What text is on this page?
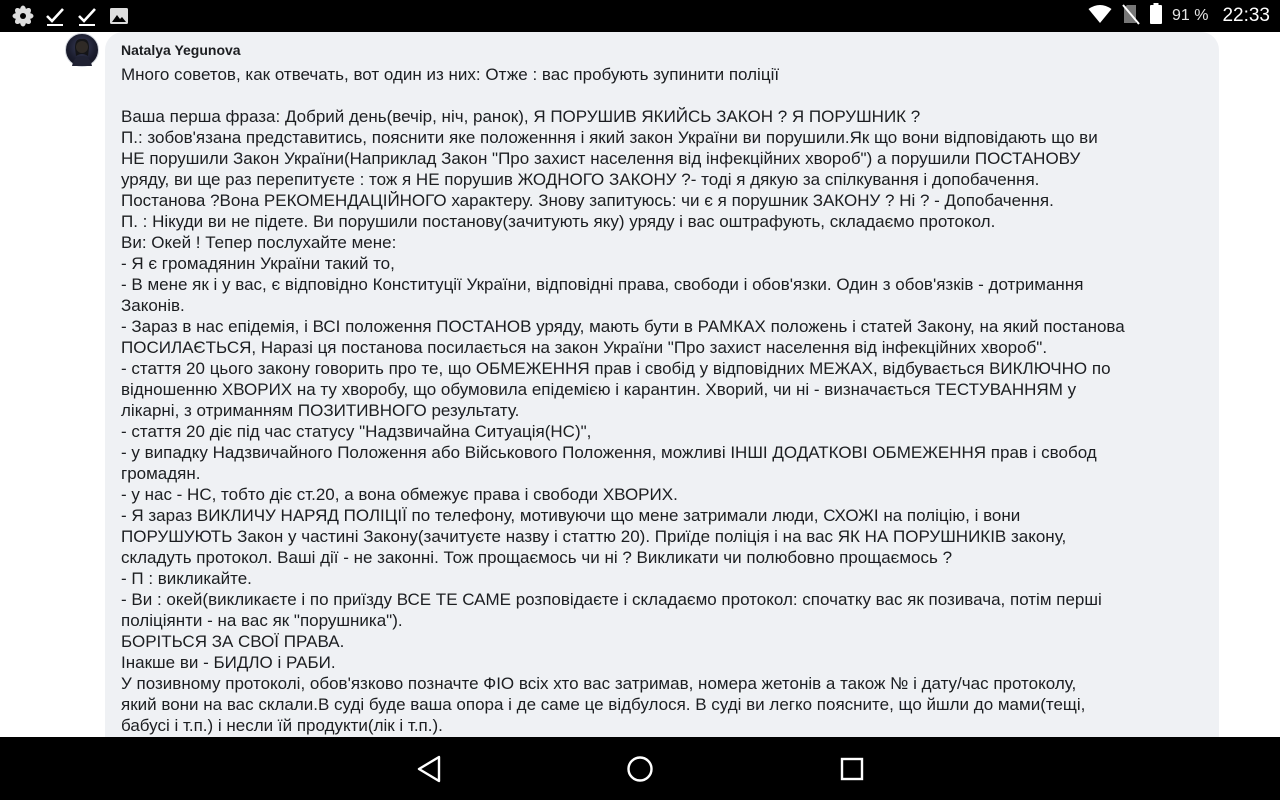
91 % 22:33
Natalya Yegunova
Много советов, как отвечать, вот один из них: Отже : вас пробують зупинити поліції
Ваша перша фраза: Добрий день(вечір, ніч, ранок), Я ПОРУШИВ ЯКИЙСЬ ЗАКОН ? Я ПОРУШНИК ?
П.: зобов'язана представитись, пояснити яке положенння і який закон України ви порушили.Як що вони відповідають що ви
НЕ порушили Закон України(Наприклад Закон "Про захист населення від інфекційних хвороб") а порушили ПОСТАНОВУ
уряду, ви ще раз перепитуєте : тож я НЕ порушив ЖОДНОГО ЗАКОНУ ?- тоді я дякую за спілкування і допобачення.
Постанова ?Вона РЕКОМЕНДАЦІЙНОГО характеру. Знову запитуюсь: чи є я порушник ЗАКОНУ ? Ні ? - Допобачення.
П. : Нікуди ви не підете. Ви порушили постанову(зачитують яку) уряду і вас оштрафують, складаємо протокол.
Ви: Окей ! Тепер послухайте мене:
- Я є громадянин України такий то,
- В мене як і у вас, є відповідно Конституції України, відповідні права, свободи і обов'язки. Один з обов'язків - дотримання
Законів.
- Зараз в нас епідемія, і ВСІ положення ПОСТАНОВ уряду, мають бути в РАМКАХ положень і статей Закону, на який постанова
ПОСИЛАЄТЬСЯ, Наразі ця постанова посилається на закон України "Про захист населення від інфекційних хвороб".
- стаття 20 цього закону говорить про те, що ОБМЕЖЕННЯ прав і свобід у відповідних МЕЖАХ, відбувається ВИКЛЮЧНО по
відношенню ХВОРИХ на ту хворобу, що обумовила епідемією і карантин. Хворий, чи ні - визначається ТЕСТУВАННЯМ у
лікарні, з отриманням ПОЗИТИВНОГО результату.
- стаття 20 діє під час статусу "Надзвичайна Ситуація(НС)",
- у випадку Надзвичайного Положення або Військового Положення, можливі ІНШІ ДОДАТКОВІ ОБМЕЖЕННЯ прав і свобод
громадян.
- у нас - НС, тобто діє ст.20, а вона обмежує права і свободи ХВОРИХ.
- Я зараз ВИКЛИЧУ НАРЯД ПОЛІЦІЇ по телефону, мотивуючи що мене затримали люди, СХОЖІ на поліцію, і вони
ПОРУШУЮТЬ Закон у частині Закону(зачитуєте назву і статтю 20). Приїде поліція і на вас ЯК НА ПОРУШНИКІВ закону,
складуть протокол. Ваші дії - не законні. Тож прощаємось чи ні ? Викликати чи полюбовно прощаємось ?
- П : викликайте.
- Ви : окей(викликаєте і по приїзду ВСЕ ТЕ САМЕ розповідаєте і складаємо протокол: спочатку вас як позивача, потім перші
поліціянти - на вас як "порушника").
БОРІТЬСЯ ЗА СВОЇ ПРАВА.
Інакше ви - БИДЛО і РАБИ.
У позивному протоколі, обов'язково позначте ФІО всіх хто вас затримав, номера жетонів а також № і дату/час протоколу,
який вони на вас склали.В суді буде ваша опора і де саме це відбулося. В суді ви легко поясните, що йшли до мами(тещі,
бабусі і т.п.) і несли їй продукти(лік і т.п.).
